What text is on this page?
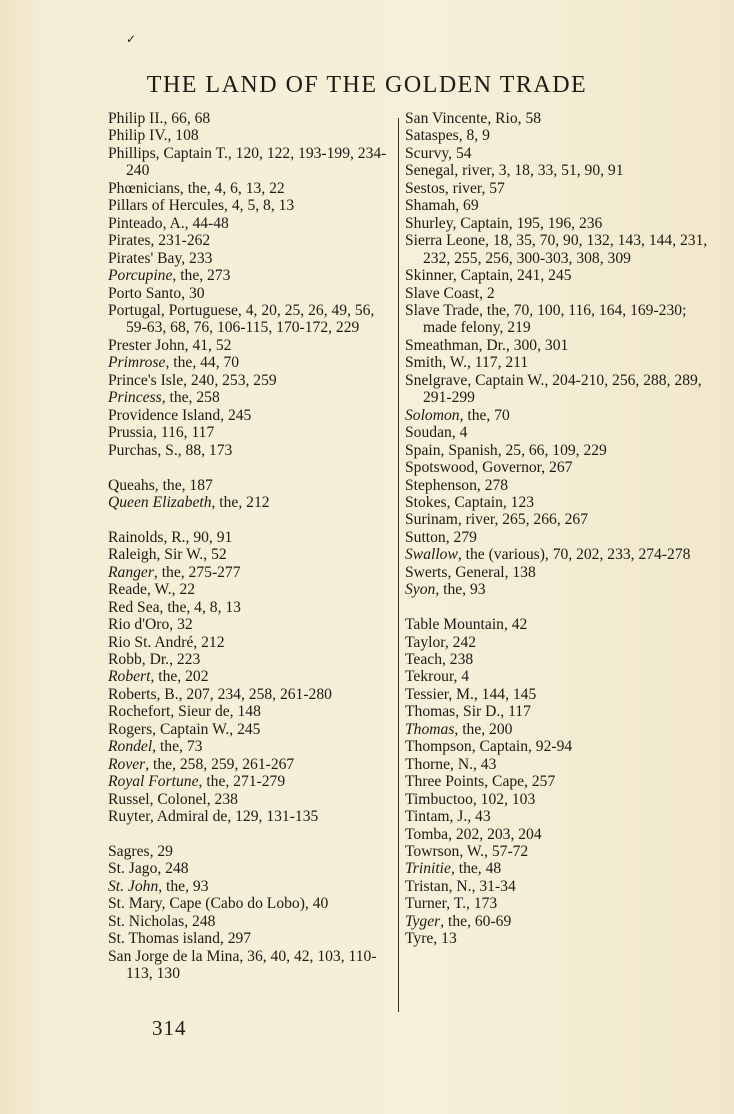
✓
THE LAND OF THE GOLDEN TRADE
Philip II., 66, 68
Philip IV., 108
Phillips, Captain T., 120, 122, 193-199, 234-240
Phœnicians, the, 4, 6, 13, 22
Pillars of Hercules, 4, 5, 8, 13
Pinteado, A., 44-48
Pirates, 231-262
Pirates' Bay, 233
Porcupine, the, 273
Porto Santo, 30
Portugal, Portuguese, 4, 20, 25, 26, 49, 56, 59-63, 68, 76, 106-115, 170-172, 229
Prester John, 41, 52
Primrose, the, 44, 70
Prince's Isle, 240, 253, 259
Princess, the, 258
Providence Island, 245
Prussia, 116, 117
Purchas, S., 88, 173
Queahs, the, 187
Queen Elizabeth, the, 212
Rainolds, R., 90, 91
Raleigh, Sir W., 52
Ranger, the, 275-277
Reade, W., 22
Red Sea, the, 4, 8, 13
Rio d'Oro, 32
Rio St. André, 212
Robb, Dr., 223
Robert, the, 202
Roberts, B., 207, 234, 258, 261-280
Rochefort, Sieur de, 148
Rogers, Captain W., 245
Rondel, the, 73
Rover, the, 258, 259, 261-267
Royal Fortune, the, 271-279
Russel, Colonel, 238
Ruyter, Admiral de, 129, 131-135
Sagres, 29
St. Jago, 248
St. John, the, 93
St. Mary, Cape (Cabo do Lobo), 40
St. Nicholas, 248
St. Thomas island, 297
San Jorge de la Mina, 36, 40, 42, 103, 110-113, 130
San Vincente, Rio, 58
Sataspes, 8, 9
Scurvy, 54
Senegal, river, 3, 18, 33, 51, 90, 91
Sestos, river, 57
Shamah, 69
Shurley, Captain, 195, 196, 236
Sierra Leone, 18, 35, 70, 90, 132, 143, 144, 231, 232, 255, 256, 300-303, 308, 309
Skinner, Captain, 241, 245
Slave Coast, 2
Slave Trade, the, 70, 100, 116, 164, 169-230; made felony, 219
Smeathman, Dr., 300, 301
Smith, W., 117, 211
Snelgrave, Captain W., 204-210, 256, 288, 289, 291-299
Solomon, the, 70
Soudan, 4
Spain, Spanish, 25, 66, 109, 229
Spotswood, Governor, 267
Stephenson, 278
Stokes, Captain, 123
Surinam, river, 265, 266, 267
Sutton, 279
Swallow, the (various), 70, 202, 233, 274-278
Swerts, General, 138
Syon, the, 93
Table Mountain, 42
Taylor, 242
Teach, 238
Tekrour, 4
Tessier, M., 144, 145
Thomas, Sir D., 117
Thomas, the, 200
Thompson, Captain, 92-94
Thorne, N., 43
Three Points, Cape, 257
Timbuctoo, 102, 103
Tintam, J., 43
Tomba, 202, 203, 204
Towrson, W., 57-72
Trinitie, the, 48
Tristan, N., 31-34
Turner, T., 173
Tyger, the, 60-69
Tyre, 13
314
